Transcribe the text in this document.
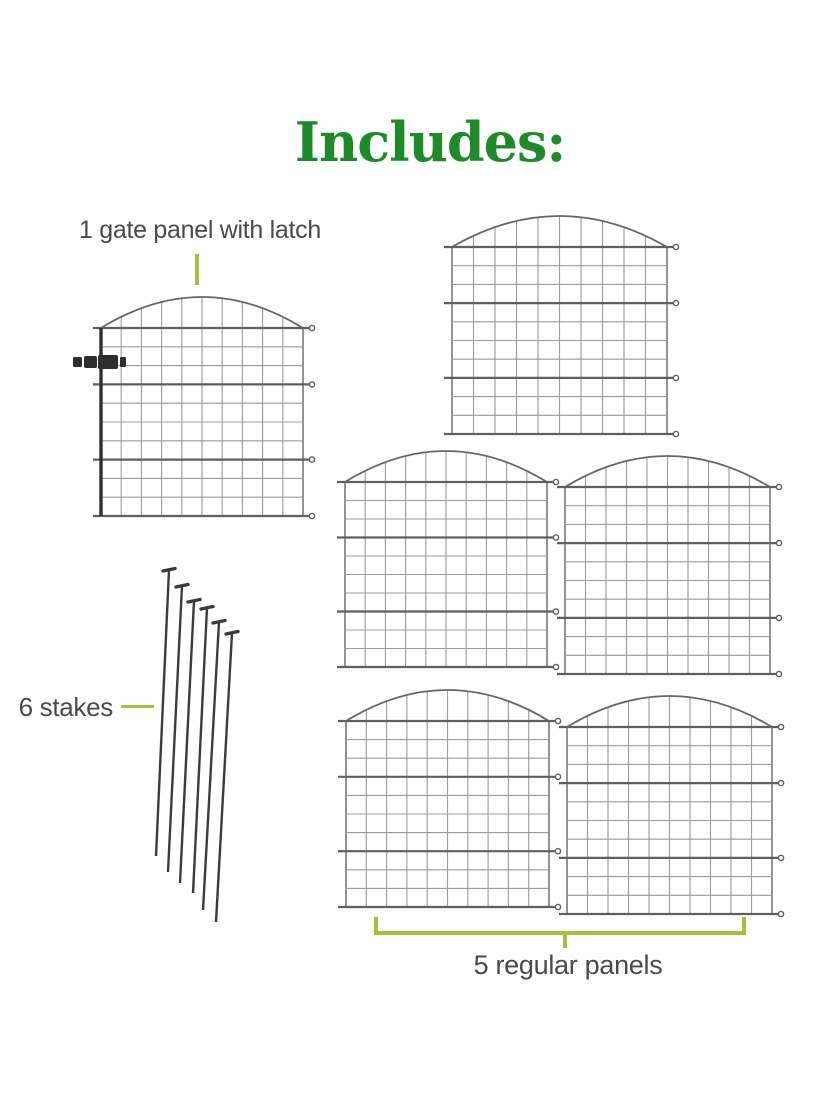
Includes:
1 gate panel with latch
6 stakes
5 regular panels
